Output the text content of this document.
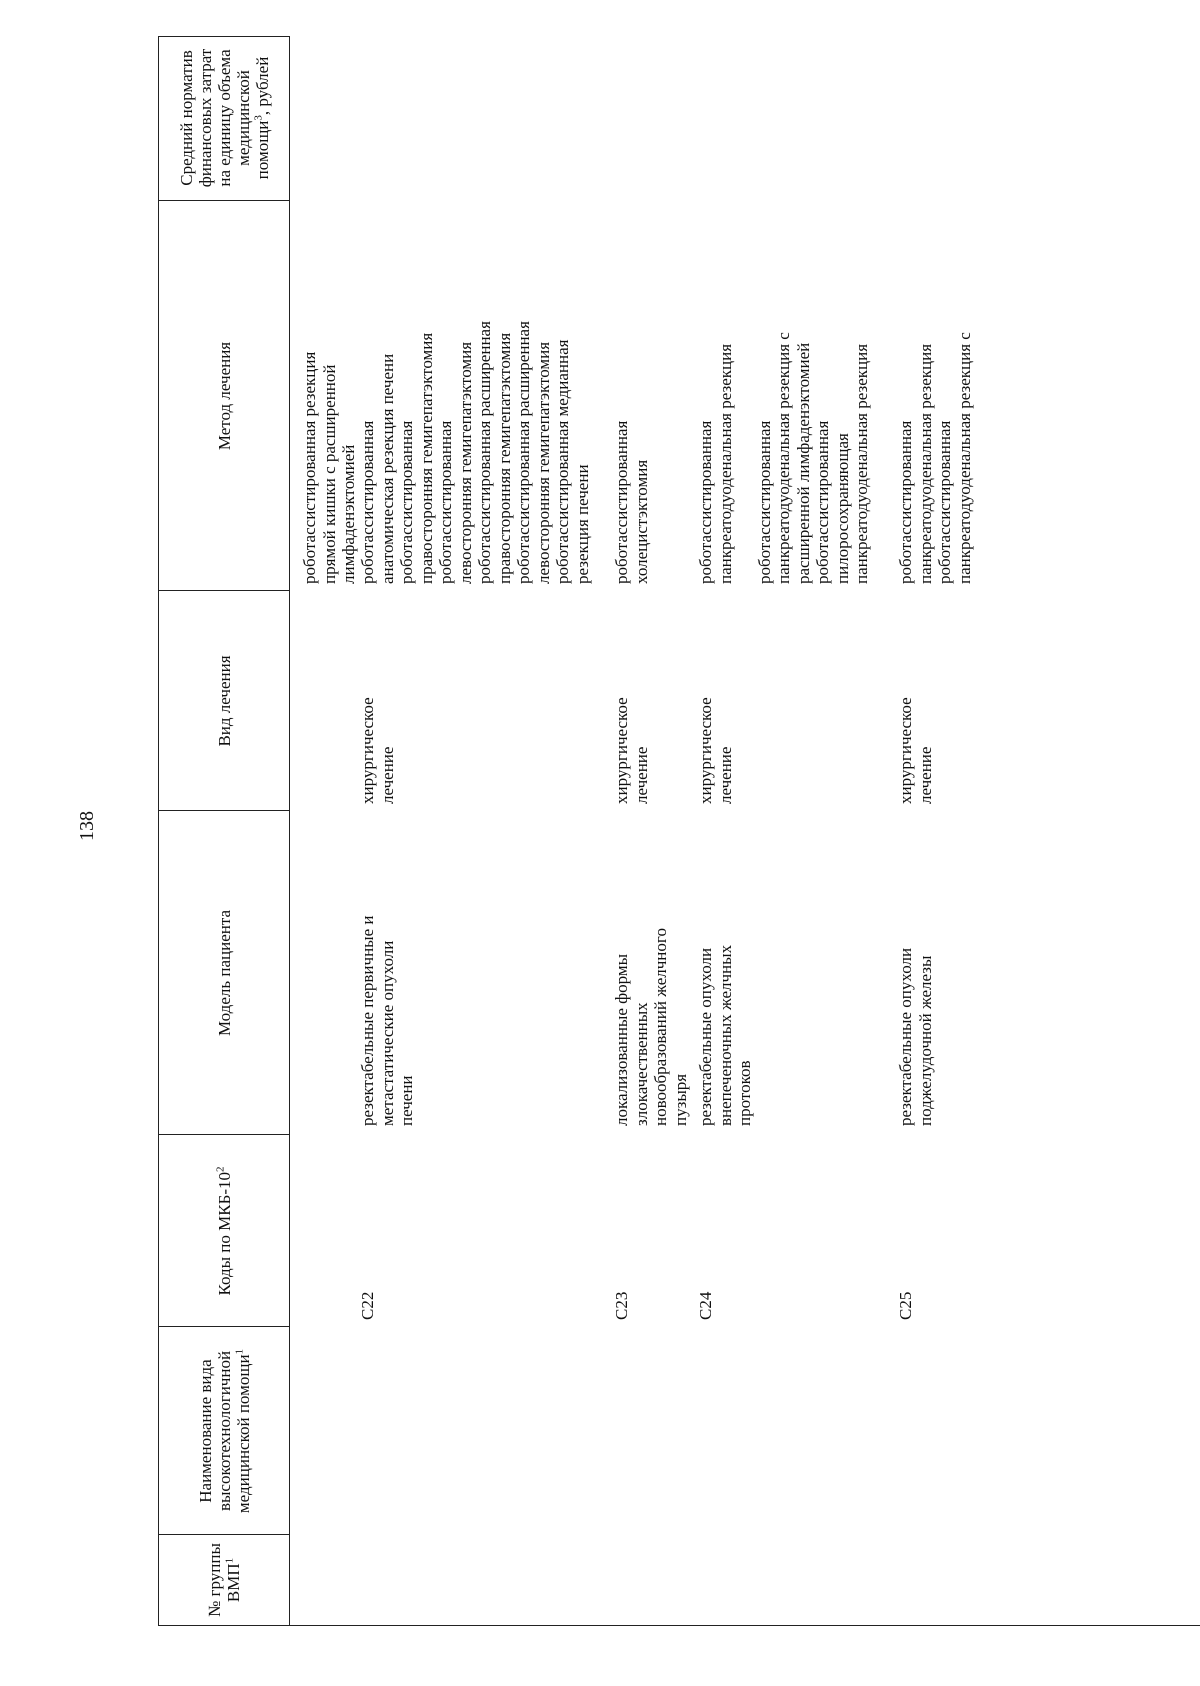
138
№ группы ВМП$^1$
Наименование вида высокотехнологичной медицинской помощи$^1$
Коды по МКБ-$10^2$
Модель пациента
Вид лечения
Метод лечения
Средний норматив финансовых затрат на единицу объема медицинской помощи$^3$, рублей
роботассистированная резекция прямой кишки с расширенной лимфаденэктомией
C22
резектабельные первичные и метастатические опухоли печени
хирургическое лечение
роботассистированная анатомическая резекция печени роботассистированная правосторонняя гемигепатэктомия роботассистированная левосторонняя гемигепатэктомия роботассистированная расширенная правосторонняя гемигепатэктомия роботассистированная расширенная левосторонняя гемигепатэктомия роботассистированная медианная резекция печени
C23
локализованные формы злокачественных новообразований желчного пузыря
хирургическое лечение
роботассистированная холецистэктомия
C24
резектабельные опухоли внепеченочных желчных протоков
хирургическое лечение
роботассистированная панкреатодуоденальная резекция
роботассистированная панкреатодуоденальная резекция с расширенной лимфаденэктомией роботассистированная пилоросохраняющая панкреатодуоденальная резекция
C25
резектабельные опухоли поджелудочной железы
хирургическое лечение
роботассистированная панкреатодуоденальная резекция роботассистированная панкреатодуоденальная резекция с
